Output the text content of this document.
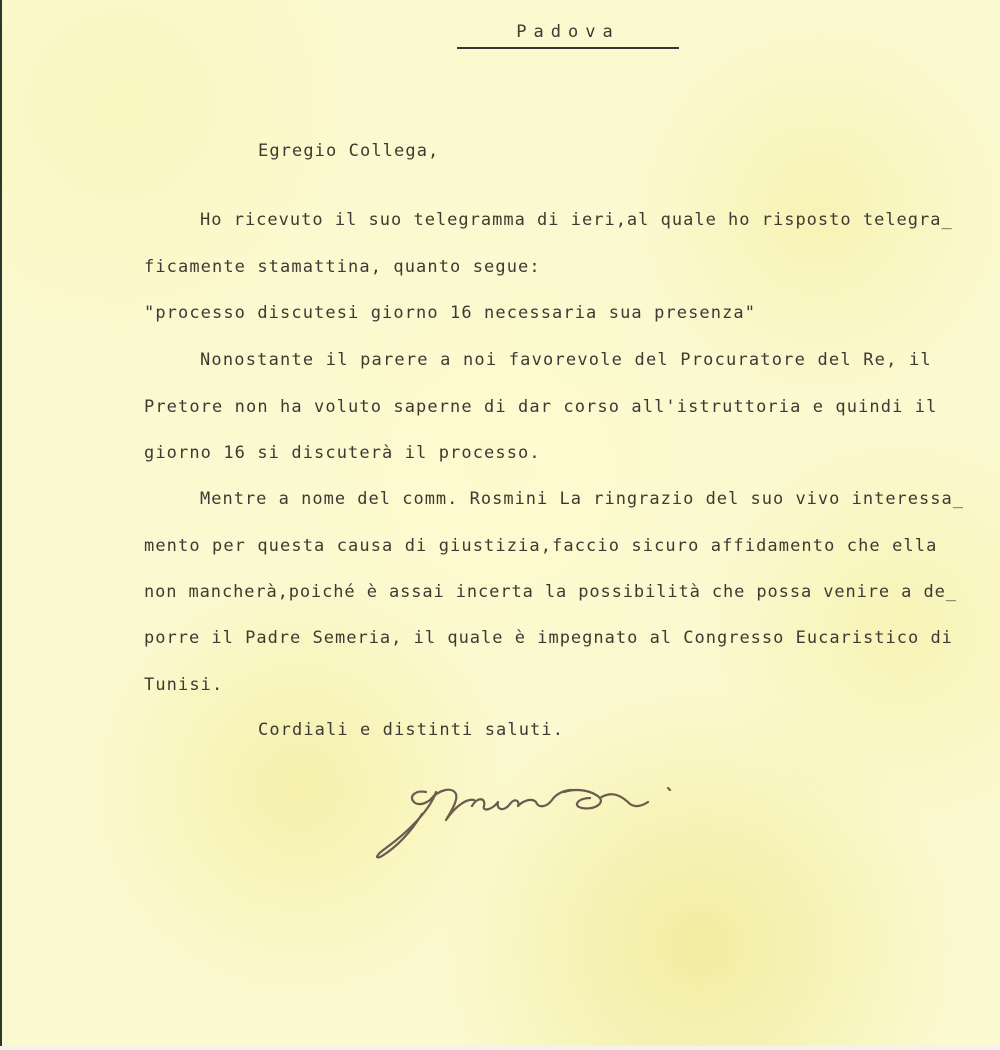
Padova
Egregio Collega,
Ho ricevuto il suo telegramma di ieri,al quale ho risposto telegra_
ficamente stamattina, quanto segue:
"processo discutesi giorno 16 necessaria sua presenza"
Nonostante il parere a noi favorevole del Procuratore del Re, il
Pretore non ha voluto saperne di dar corso all'istruttoria e quindi il
giorno 16 si discuterà il processo.
Mentre a nome del comm. Rosmini La ringrazio del suo vivo interessa_
mento per questa causa di giustizia,faccio sicuro affidamento che ella
non mancherà,poiché è assai incerta la possibilità che possa venire a de_
porre il Padre Semeria, il quale è impegnato al Congresso Eucaristico di
Tunisi.
Cordiali e distinti saluti.
